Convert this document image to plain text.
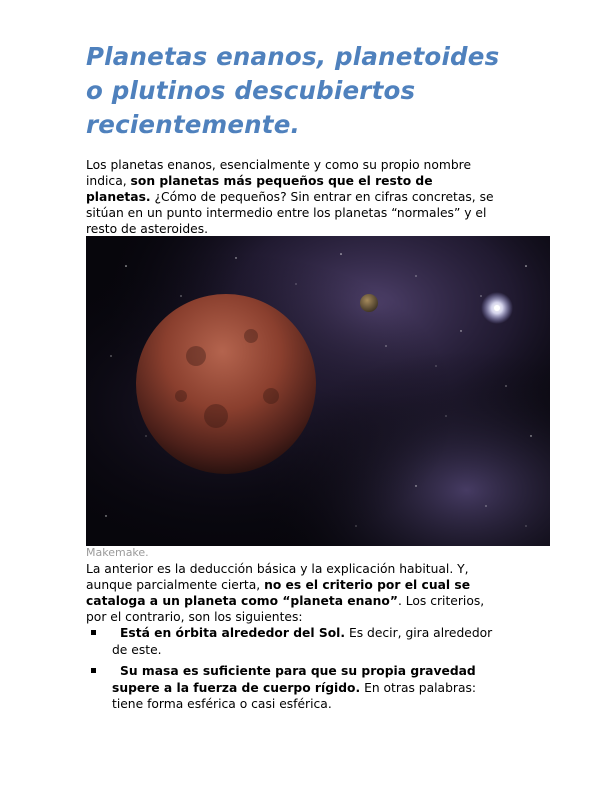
Planetas enanos, planetoides
o plutinos descubiertos
recientemente.
Los planetas enanos, esencialmente y como su propio nombre
indica, son planetas más pequeños que el resto de
planetas. ¿Cómo de pequeños? Sin entrar en cifras concretas, se
sitúan en un punto intermedio entre los planetas “normales” y el
resto de asteroides.
Makemake.
La anterior es la deducción básica y la explicación habitual. Y,
aunque parcialmente cierta, no es el criterio por el cual se
cataloga a un planeta como “planeta enano”. Los criterios,
por el contrario, son los siguientes:
Está en órbita alrededor del Sol. Es decir, gira alrededor
de este.
Su masa es suficiente para que su propia gravedad
supere a la fuerza de cuerpo rígido. En otras palabras:
tiene forma esférica o casi esférica.
